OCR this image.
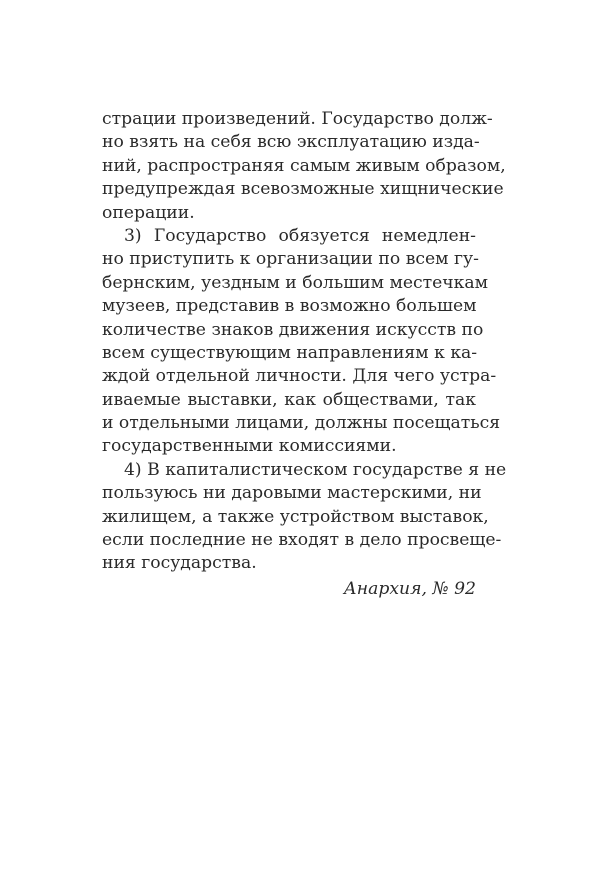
страции произведений. Государство долж-
но взять на себя всю эксплуатацию изда-
ний, распространяя самым живым образом,
предупреждая всевозможные хищнические
операции.
3) Государство обязуется немедлен-
но приступить к организации по всем гу-
бернским, уездным и большим местечкам
музеев, представив в возможно большем
количестве знаков движения искусств по
всем существующим направлениям к ка-
ждой отдельной личности. Для чего устра-
иваемые выставки, как обществами, так
и отдельными лицами, должны посещаться
государственными комиссиями.
4) В капиталистическом государстве я не
пользуюсь ни даровыми мастерскими, ни
жилищем, а также устройством выставок,
если последние не входят в дело просвеще-
ния государства.
Анархия, № 92
